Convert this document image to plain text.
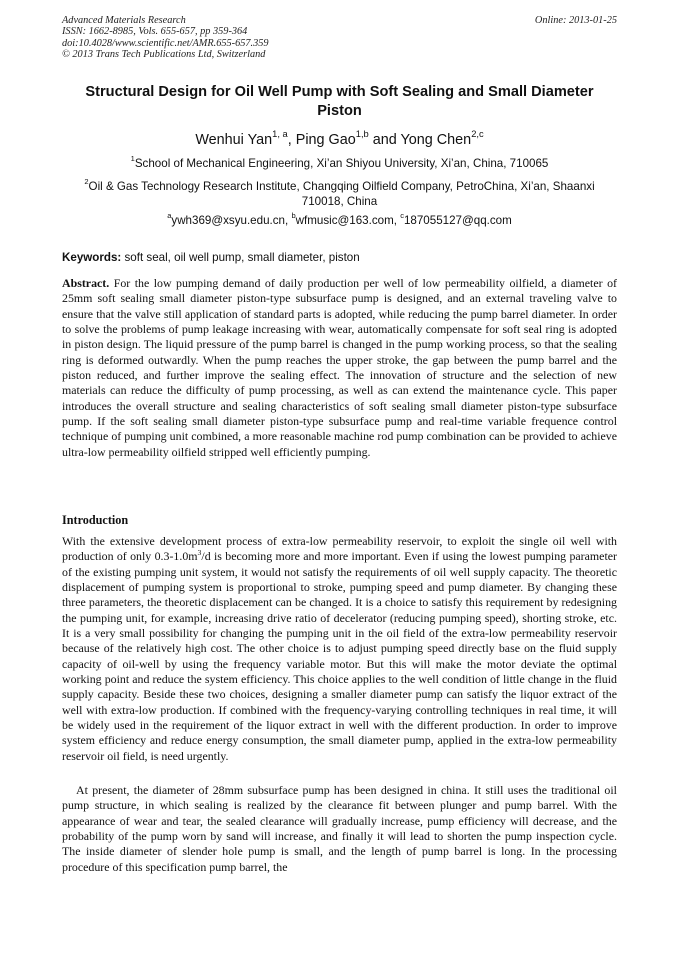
Advanced Materials Research
ISSN: 1662-8985, Vols. 655-657, pp 359-364
doi:10.4028/www.scientific.net/AMR.655-657.359
© 2013 Trans Tech Publications Ltd, Switzerland
Online: 2013-01-25
Structural Design for Oil Well Pump with Soft Sealing and Small Diameter Piston
Wenhui Yan$^{1, a}$, Ping Gao$^{1,b}$ and Yong Chen$^{2,c}$
$^1$School of Mechanical Engineering, Xi’an Shiyou University, Xi’an, China, 710065
$^2$Oil & Gas Technology Research Institute, Changqing Oilfield Company, PetroChina, Xi’an, Shaanxi 710018, China
$^a$ywh369@xsyu.edu.cn, $^b$wfmusic@163.com, $^c$187055127@qq.com
Keywords: soft seal, oil well pump, small diameter, piston
Abstract. For the low pumping demand of daily production per well of low permeability oilfield, a diameter of 25mm soft sealing small diameter piston-type subsurface pump is designed, and an external traveling valve to ensure that the valve still application of standard parts is adopted, while reducing the pump barrel diameter. In order to solve the problems of pump leakage increasing with wear, automatically compensate for soft seal ring is adopted in piston design. The liquid pressure of the pump barrel is changed in the pump working process, so that the sealing ring is deformed outwardly. When the pump reaches the upper stroke, the gap between the pump barrel and the piston reduced, and further improve the sealing effect. The innovation of structure and the selection of new materials can reduce the difficulty of pump processing, as well as can extend the maintenance cycle. This paper introduces the overall structure and sealing characteristics of soft sealing small diameter piston-type subsurface pump. If the soft sealing small diameter piston-type subsurface pump and real-time variable frequence control technique of pumping unit combined, a more reasonable machine rod pump combination can be provided to achieve ultra-low permeability oilfield stripped well efficiently pumping.
Introduction
With the extensive development process of extra-low permeability reservoir, to exploit the single oil well with production of only $0.3-1.0m^3/d$ is becoming more and more important. Even if using the lowest pumping parameter of the existing pumping unit system, it would not satisfy the requirements of oil well supply capacity. The theoretic displacement of pumping system is proportional to stroke, pumping speed and pump diameter. By changing these three parameters, the theoretic displacement can be changed. It is a choice to satisfy this requirement by redesigning the pumping unit, for example, increasing drive ratio of decelerator (reducing pumping speed), shorting stroke, etc. It is a very small possibility for changing the pumping unit in the oil field of the extra-low permeability reservoir because of the relatively high cost. The other choice is to adjust pumping speed directly base on the fluid supply capacity of oil-well by using the frequency variable motor. But this will make the motor deviate the optimal working point and reduce the system efficiency. This choice applies to the well condition of little change in the fluid supply capacity. Beside these two choices, designing a smaller diameter pump can satisfy the liquor extract of the well with extra-low production. If combined with the frequency-varying controlling techniques in real time, it will be widely used in the requirement of the liquor extract in well with the different production. In order to improve system efficiency and reduce energy consumption, the small diameter pump, applied in the extra-low permeability reservoir oil field, is need urgently.
At present, the diameter of 28mm subsurface pump has been designed in china. It still uses the traditional oil pump structure, in which sealing is realized by the clearance fit between plunger and pump barrel. With the appearance of wear and tear, the sealed clearance will gradually increase, pump efficiency will decrease, and the probability of the pump worn by sand will increase, and finally it will lead to shorten the pump inspection cycle. The inside diameter of slender hole pump is small, and the length of pump barrel is long. In the processing procedure of this specification pump barrel, the
